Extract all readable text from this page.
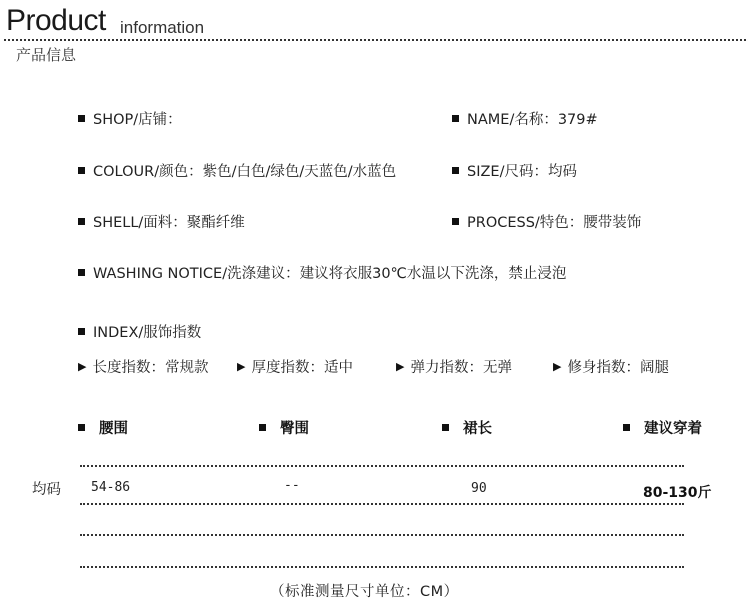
Product information
产品信息
SHOP/店铺：	NAME/名称：379#
COLOUR/颜色：紫色/白色/绿色/天蓝色/水蓝色	SIZE/尺码：均码
SHELL/面料：聚酯纤维	PROCESS/特色：腰带装饰
WASHING NOTICE/洗涤建议：建议将衣服30℃水温以下洗涤，禁止浸泡
INDEX/服饰指数
▶ 长度指数：常规款	▶ 厚度指数：适中	▶ 弹力指数：无弹	▶ 修身指数：阔腿
腰围	臀围	裙长	建议穿着
均码 54-86	--	90	80-130斤
（标准测量尺寸单位：CM）
